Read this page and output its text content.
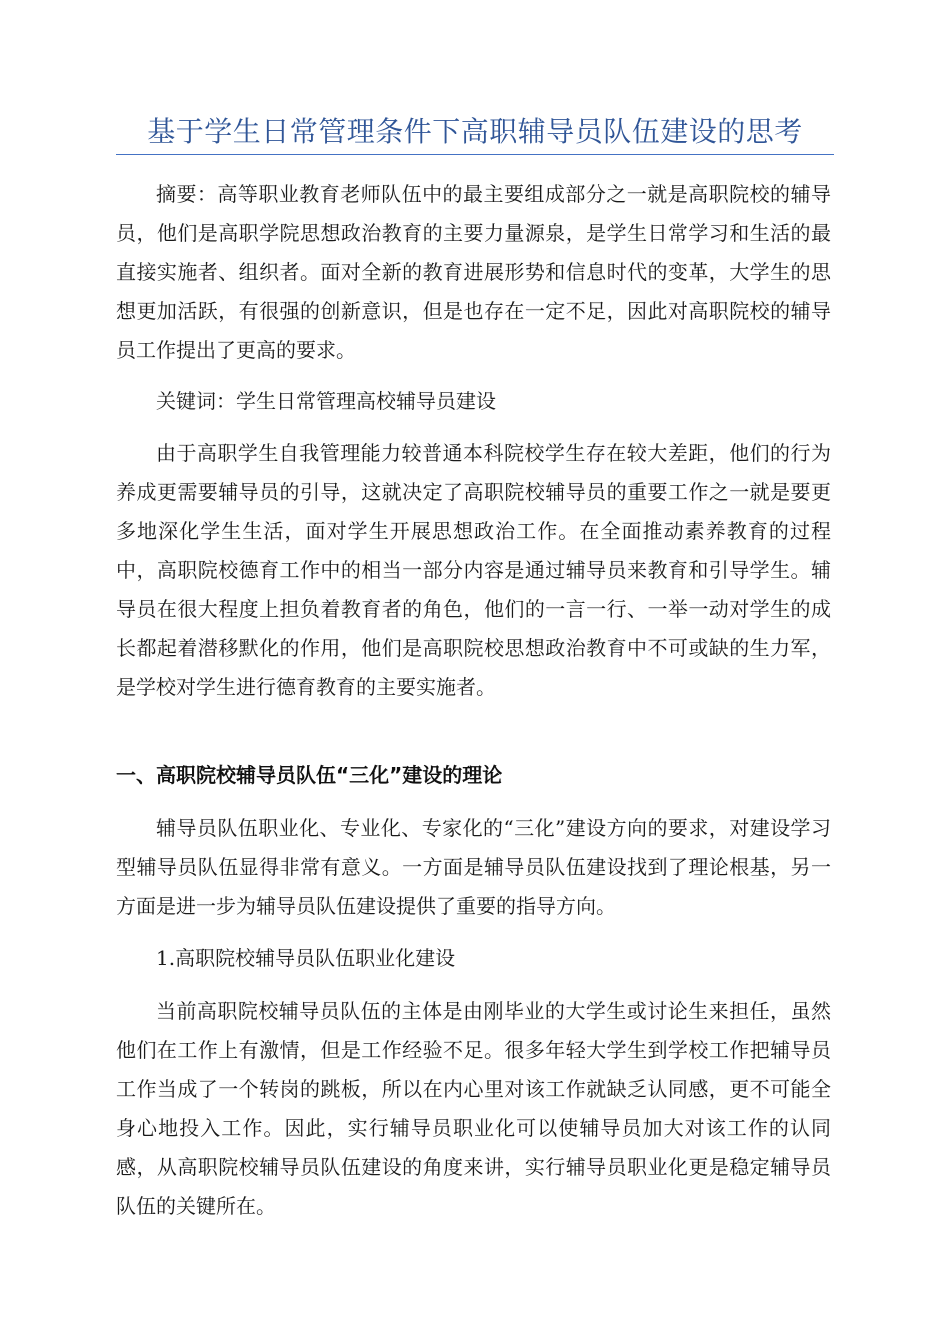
基于学生日常管理条件下高职辅导员队伍建设的思考

摘要：高等职业教育老师队伍中的最主要组成部分之一就是高职院校的辅导员，他们是高职学院思想政治教育的主要力量源泉，是学生日常学习和生活的最直接实施者、组织者。面对全新的教育进展形势和信息时代的变革，大学生的思想更加活跃，有很强的创新意识，但是也存在一定不足，因此对高职院校的辅导员工作提出了更高的要求。

关键词：学生日常管理高校辅导员建设

由于高职学生自我管理能力较普通本科院校学生存在较大差距，他们的行为养成更需要辅导员的引导，这就决定了高职院校辅导员的重要工作之一就是要更多地深化学生生活，面对学生开展思想政治工作。在全面推动素养教育的过程中，高职院校德育工作中的相当一部分内容是通过辅导员来教育和引导学生。辅导员在很大程度上担负着教育者的角色，他们的一言一行、一举一动对学生的成长都起着潜移默化的作用，他们是高职院校思想政治教育中不可或缺的生力军，是学校对学生进行德育教育的主要实施者。

一、高职院校辅导员队伍“三化”建设的理论

辅导员队伍职业化、专业化、专家化的“三化”建设方向的要求，对建设学习型辅导员队伍显得非常有意义。一方面是辅导员队伍建设找到了理论根基，另一方面是进一步为辅导员队伍建设提供了重要的指导方向。

1.高职院校辅导员队伍职业化建设

当前高职院校辅导员队伍的主体是由刚毕业的大学生或讨论生来担任，虽然他们在工作上有激情，但是工作经验不足。很多年轻大学生到学校工作把辅导员工作当成了一个转岗的跳板，所以在内心里对该工作就缺乏认同感，更不可能全身心地投入工作。因此，实行辅导员职业化可以使辅导员加大对该工作的认同感，从高职院校辅导员队伍建设的角度来讲，实行辅导员职业化更是稳定辅导员队伍的关键所在。
